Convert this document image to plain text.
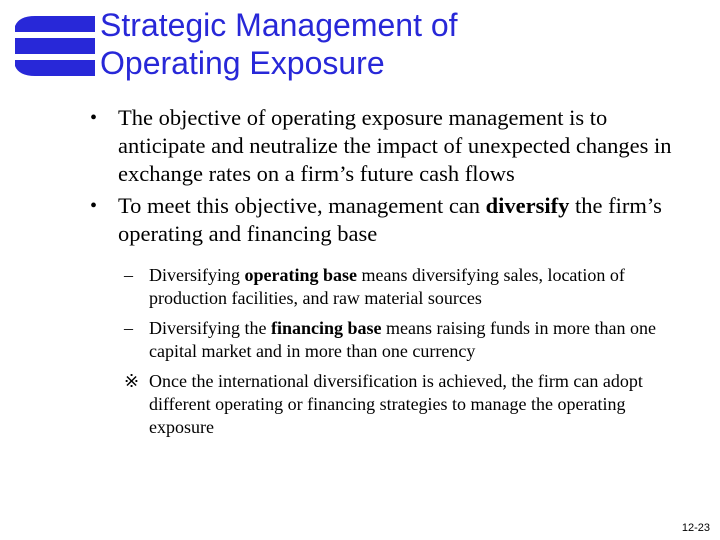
Strategic Management of
Operating Exposure
• The objective of operating exposure management is to anticipate and neutralize the impact of unexpected changes in exchange rates on a firm’s future cash flows
• To meet this objective, management can diversify the firm’s operating and financing base
– Diversifying operating base means diversifying sales, location of production facilities, and raw material sources
– Diversifying the financing base means raising funds in more than one capital market and in more than one currency
※ Once the international diversification is achieved, the firm can adopt different operating or financing strategies to manage the operating exposure
12-23
